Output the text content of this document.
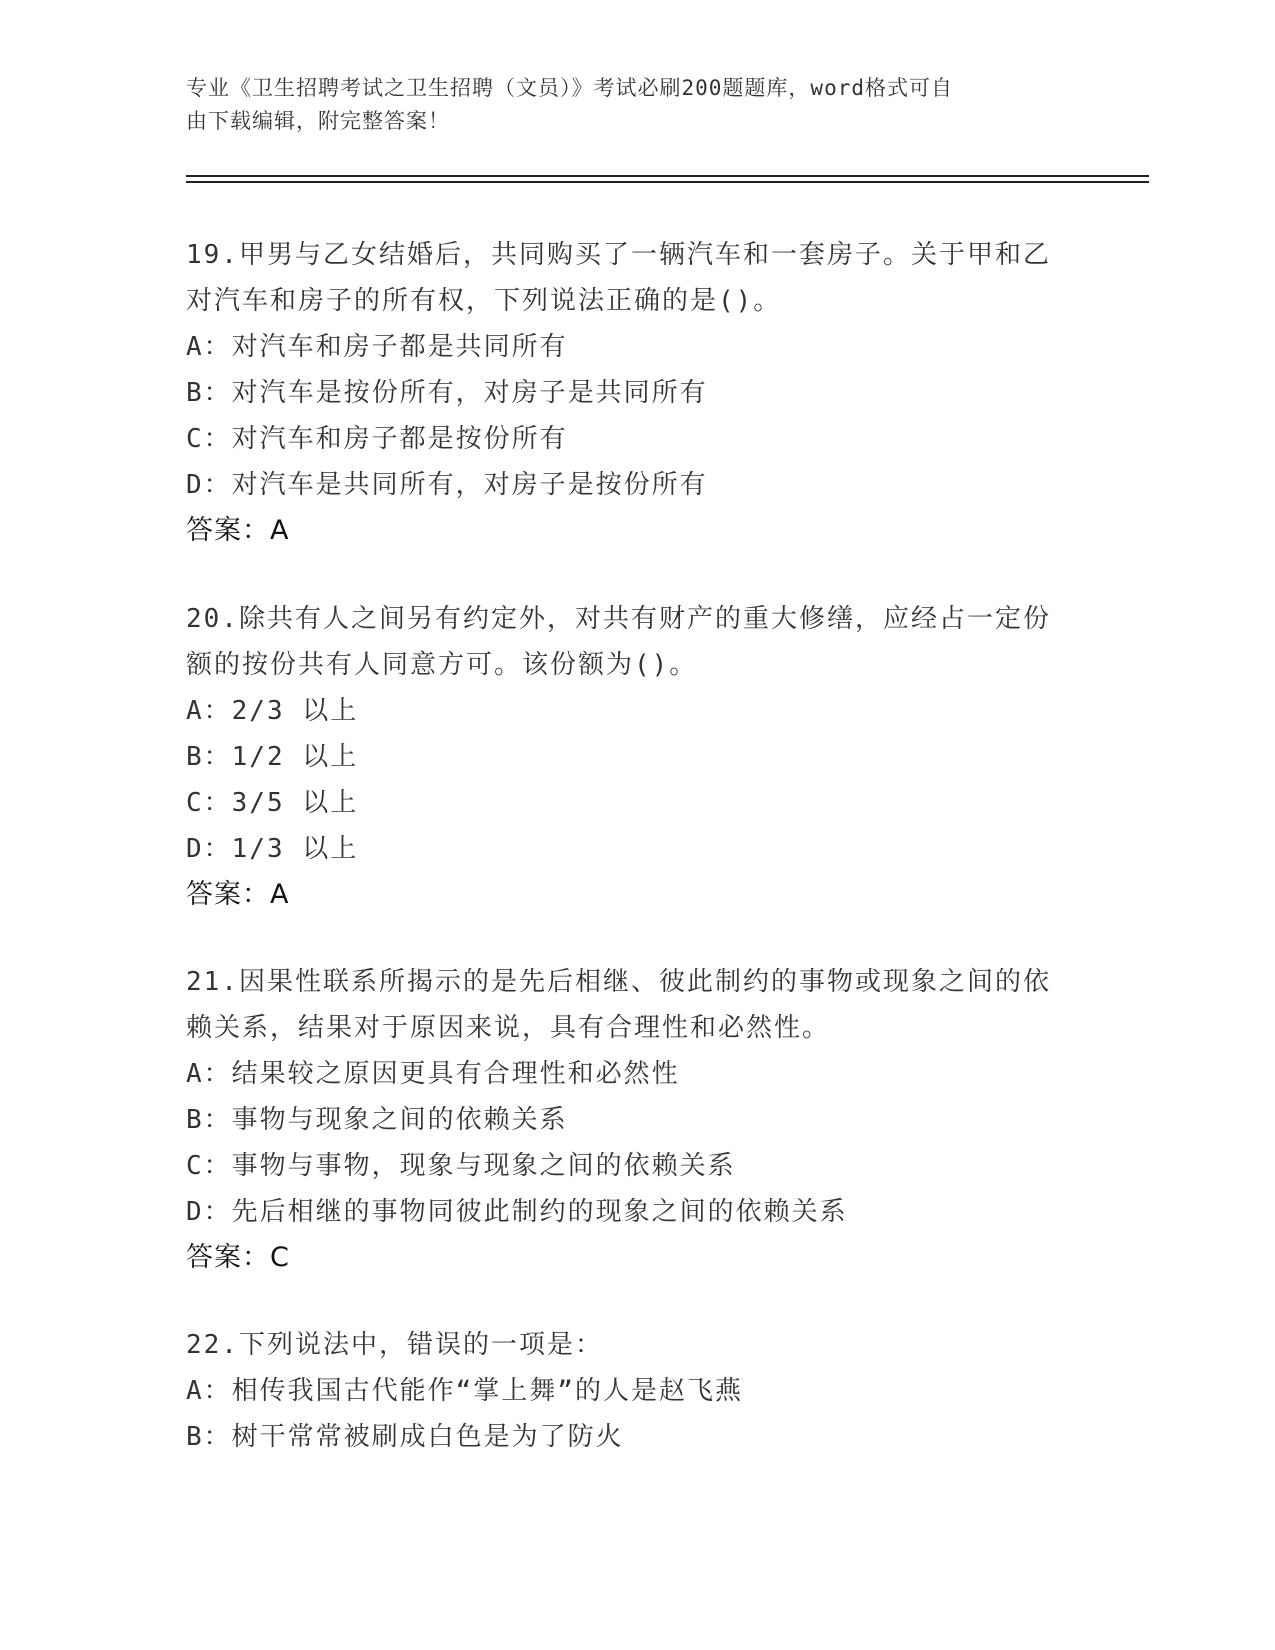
专业《卫生招聘考试之卫生招聘（文员）》考试必刷200题题库，word格式可自
由下载编辑，附完整答案！
19.甲男与乙女结婚后，共同购买了一辆汽车和一套房子。关于甲和乙
对汽车和房子的所有权，下列说法正确的是()。
A：对汽车和房子都是共同所有
B：对汽车是按份所有，对房子是共同所有
C：对汽车和房子都是按份所有
D：对汽车是共同所有，对房子是按份所有
答案：A
20.除共有人之间另有约定外，对共有财产的重大修缮，应经占一定份
额的按份共有人同意方可。该份额为()。
A：2/3 以上
B：1/2 以上
C：3/5 以上
D：1/3 以上
答案：A
21.因果性联系所揭示的是先后相继、彼此制约的事物或现象之间的依
赖关系，结果对于原因来说，具有合理性和必然性。
A：结果较之原因更具有合理性和必然性
B：事物与现象之间的依赖关系
C：事物与事物，现象与现象之间的依赖关系
D：先后相继的事物同彼此制约的现象之间的依赖关系
答案：C
22.下列说法中，错误的一项是：
A：相传我国古代能作“掌上舞”的人是赵飞燕
B：树干常常被刷成白色是为了防火
